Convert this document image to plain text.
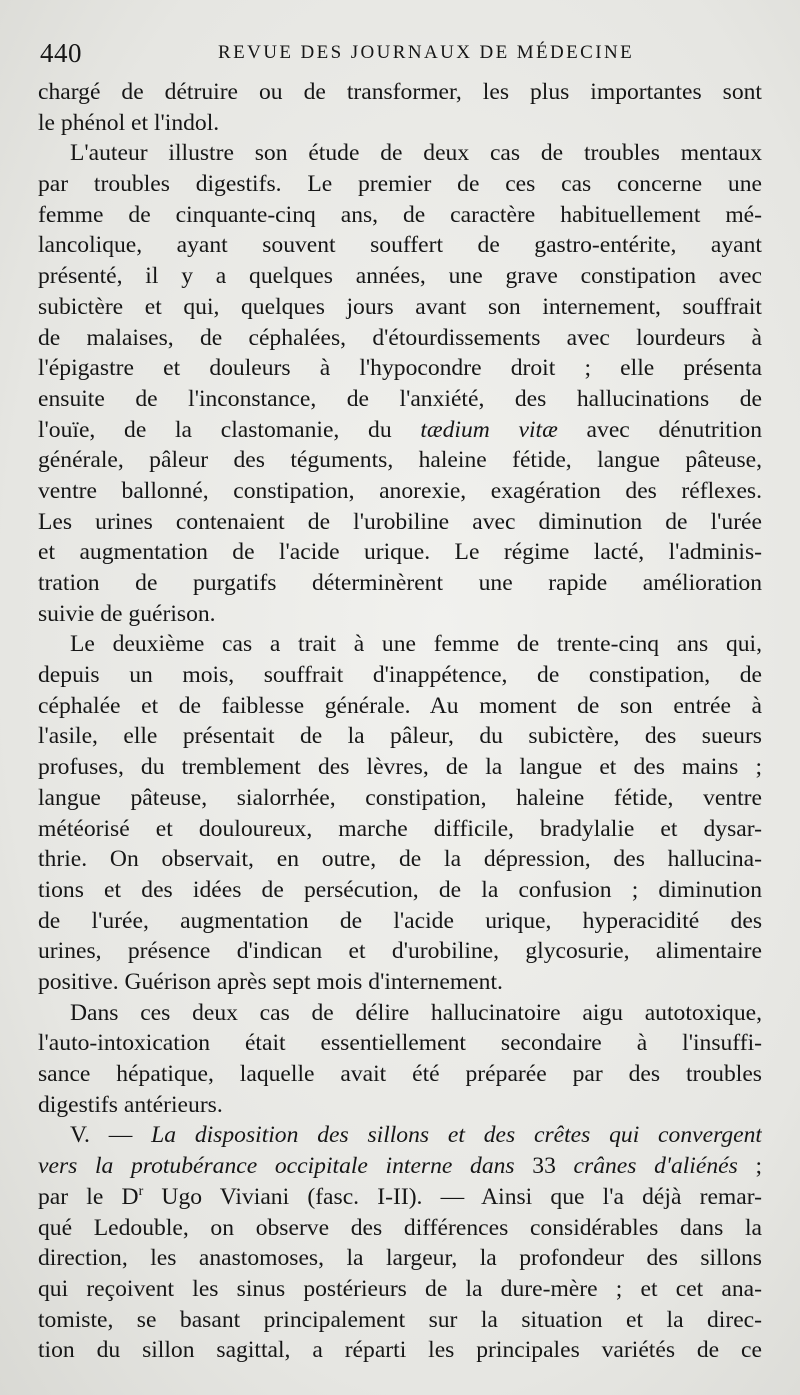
440	REVUE DES JOURNAUX DE MÉDECINE
chargé de détruire ou de transformer, les plus importantes sont
le phénol et l'indol.
L'auteur illustre son étude de deux cas de troubles mentaux
par troubles digestifs. Le premier de ces cas concerne une
femme de cinquante-cinq ans, de caractère habituellement mé-
lancolique, ayant souvent souffert de gastro-entérite, ayant
présenté, il y a quelques années, une grave constipation avec
subictère et qui, quelques jours avant son internement, souffrait
de malaises, de céphalées, d'étourdissements avec lourdeurs à
l'épigastre et douleurs à l'hypocondre droit ; elle présenta
ensuite de l'inconstance, de l'anxiété, des hallucinations de
l'ouïe, de la clastomanie, du tædium vitæ avec dénutrition
générale, pâleur des téguments, haleine fétide, langue pâteuse,
ventre ballonné, constipation, anorexie, exagération des réflexes.
Les urines contenaient de l'urobiline avec diminution de l'urée
et augmentation de l'acide urique. Le régime lacté, l'adminis-
tration de purgatifs déterminèrent une rapide amélioration
suivie de guérison.
Le deuxième cas a trait à une femme de trente-cinq ans qui,
depuis un mois, souffrait d'inappétence, de constipation, de
céphalée et de faiblesse générale. Au moment de son entrée à
l'asile, elle présentait de la pâleur, du subictère, des sueurs
profuses, du tremblement des lèvres, de la langue et des mains ;
langue pâteuse, sialorrhée, constipation, haleine fétide, ventre
météorisé et douloureux, marche difficile, bradylalie et dysar-
thrie. On observait, en outre, de la dépression, des hallucina-
tions et des idées de persécution, de la confusion ; diminution
de l'urée, augmentation de l'acide urique, hyperacidité des
urines, présence d'indican et d'urobiline, glycosurie, alimentaire
positive. Guérison après sept mois d'internement.
Dans ces deux cas de délire hallucinatoire aigu autotoxique,
l'auto-intoxication était essentiellement secondaire à l'insuffi-
sance hépatique, laquelle avait été préparée par des troubles
digestifs antérieurs.
V. — La disposition des sillons et des crêtes qui convergent
vers la protubérance occipitale interne dans 33 crânes d'aliénés ;
par le $D^r$ Ugo Viviani (fasc. I-II). — Ainsi que l'a déjà remar-
qué Ledouble, on observe des différences considérables dans la
direction, les anastomoses, la largeur, la profondeur des sillons
qui reçoivent les sinus postérieurs de la dure-mère ; et cet ana-
tomiste, se basant principalement sur la situation et la direc-
tion du sillon sagittal, a réparti les principales variétés de ce
